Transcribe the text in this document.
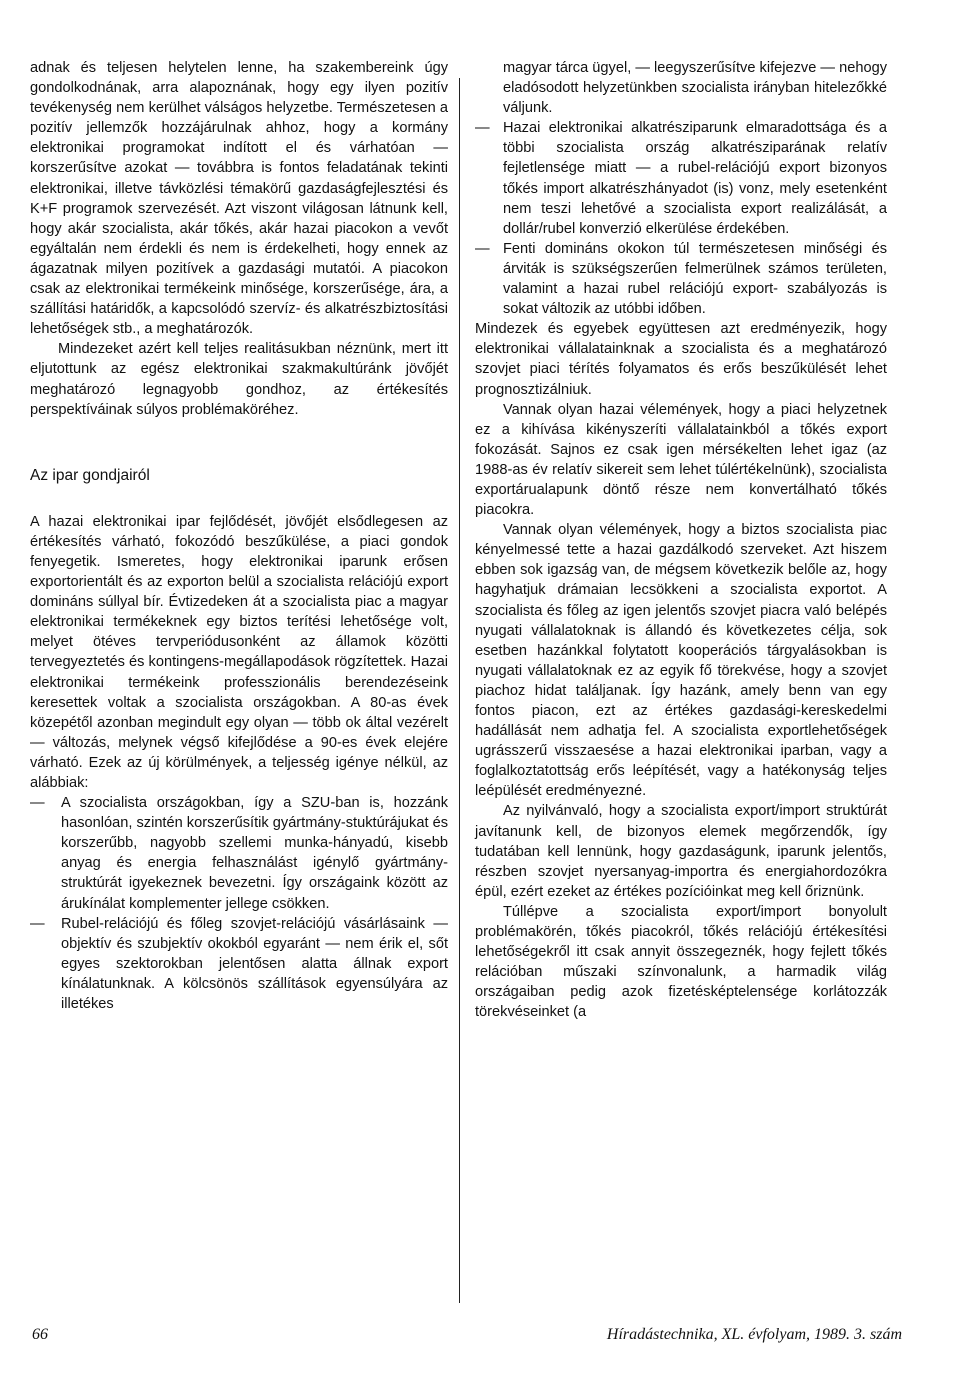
adnak és teljesen helytelen lenne, ha szakembereink úgy gondolkodnának, arra alapoznának, hogy egy ilyen pozitív tevékenység nem kerülhet válságos helyzetbe. Természetesen a pozitív jellemzők hozzájárulnak ahhoz, hogy a kormány elektronikai programokat indított el és várhatóan — korszerűsítve azokat — továbbra is fontos feladatának tekinti elektronikai, illetve távközlési témakörű gazdaságfejlesztési és K+F programok szervezését. Azt viszont világosan látnunk kell, hogy akár szocialista, akár tőkés, akár hazai piacokon a vevőt egyáltalán nem érdekli és nem is érdekelheti, hogy ennek az ágazatnak milyen pozitívek a gazdasági mutatói. A piacokon csak az elektronikai termékeink minősége, korszerűsége, ára, a szállítási határidők, a kapcsolódó szervíz- és alkatrészbiztosítási lehetőségek stb., a meghatározók.

Mindezeket azért kell teljes realitásukban néznünk, mert itt eljutottunk az egész elektronikai szakmakultúránk jövőjét meghatározó legnagyobb gondhoz, az értékesítés perspektíváinak súlyos problémaköréhez.

Az ipar gondjairól

A hazai elektronikai ipar fejlődését, jövőjét elsődlegesen az értékesítés várható, fokozódó beszűkülése, a piaci gondok fenyegetik. Ismeretes, hogy elektronikai iparunk erősen exportorientált és az exporton belül a szocialista relációjú export domináns súllyal bír. Évtizedeken át a szocialista piac a magyar elektronikai termékeknek egy biztos terítési lehetősége volt, melyet ötéves tervperiódusonként az államok közötti tervegyeztetés és kontingens-megállapodások rögzítettek. Hazai elektronikai termékeink professzionális berendezéseink keresettek voltak a szocialista országokban. A 80-as évek közepétől azonban megindult egy olyan — több ok által vezérelt — változás, melynek végső kifejlődése a 90-es évek elejére várható. Ezek az új körülmények, a teljesség igénye nélkül, az alábbiak:

— A szocialista országokban, így a SZU-ban is, hozzánk hasonlóan, szintén korszerűsítik gyártmány-stuktúrájukat és korszerűbb, nagyobb szellemi munka-hányadú, kisebb anyag és energia felhasználást igénylő gyártmány-struktúrát igyekeznek bevezetni. Így országaink között az árukínálat komplementer jellege csökken.

— Rubel-relációjú és főleg szovjet-relációjú vásárlásaink — objektív és szubjektív okokból egyaránt — nem érik el, sőt egyes szektorokban jelentősen alatta állnak export kínálatunknak. A kölcsönös szállítások egyensúlyára az illetékes

magyar tárca ügyel, — leegyszerűsítve kifejezve — nehogy eladósodott helyzetünkben szocialista irányban hitelezőkké váljunk.

— Hazai elektronikai alkatrésziparunk elmaradottsága és a többi szocialista ország alkatrésziparának relatív fejletlensége miatt — a rubel-relációjú export bizonyos tőkés import alkatrészhányadot (is) vonz, mely esetenként nem teszi lehetővé a szocialista export realizálását, a dollár/rubel konverzió elkerülése érdekében.

— Fenti domináns okokon túl természetesen minőségi és árviták is szükségszerűen felmerülnek számos területen, valamint a hazai rubel relációjú export- szabályozás is sokat változik az utóbbi időben.

Mindezek és egyebek együttesen azt eredményezik, hogy elektronikai vállalatainknak a szocialista és a meghatározó szovjet piaci térítés folyamatos és erős beszűkülését lehet prognosztizálniuk.

Vannak olyan hazai vélemények, hogy a piaci helyzetnek ez a kihívása kikényszeríti vállalatainkból a tőkés export fokozását. Sajnos ez csak igen mérsékelten lehet igaz (az 1988-as év relatív sikereit sem lehet túlértékelnünk), szocialista exportárualapunk döntő része nem konvertálható tőkés piacokra.

Vannak olyan vélemények, hogy a biztos szocialista piac kényelmessé tette a hazai gazdálkodó szerveket. Azt hiszem ebben sok igazság van, de mégsem következik belőle az, hogy hagyhatjuk drámaian lecsökkeni a szocialista exportot. A szocialista és főleg az igen jelentős szovjet piacra való belépés nyugati vállalatoknak is állandó és következetes célja, sok esetben hazánkkal folytatott kooperációs tárgyalásokban is nyugati vállalatoknak ez az egyik fő törekvése, hogy a szovjet piachoz hidat találjanak. Így hazánk, amely benn van egy fontos piacon, ezt az értékes gazdasági-kereskedelmi hadállását nem adhatja fel. A szocialista exportlehetőségek ugrásszerű visszaesése a hazai elektronikai iparban, vagy a foglalkoztatottság erős leépítését, vagy a hatékonyság teljes leépülését eredményezné.

Az nyilvánvaló, hogy a szocialista export/import struktúrát javítanunk kell, de bizonyos elemek megőrzendők, így tudatában kell lennünk, hogy gazdaságunk, iparunk jelentős, részben szovjet nyersanyag-importra és energiahordozókra épül, ezért ezeket az értékes pozícióinkat meg kell őriznünk.

Túllépve a szocialista export/import bonyolult problémakörén, tőkés piacokról, tőkés relációjú értékesítési lehetőségekről itt csak annyit összegeznék, hogy fejlett tőkés relációban műszaki színvonalunk, a harmadik világ országaiban pedig azok fizetésképtelensége korlátozzák törekvéseinket (a

66	Híradástechnika, XL. évfolyam, 1989. 3. szám
